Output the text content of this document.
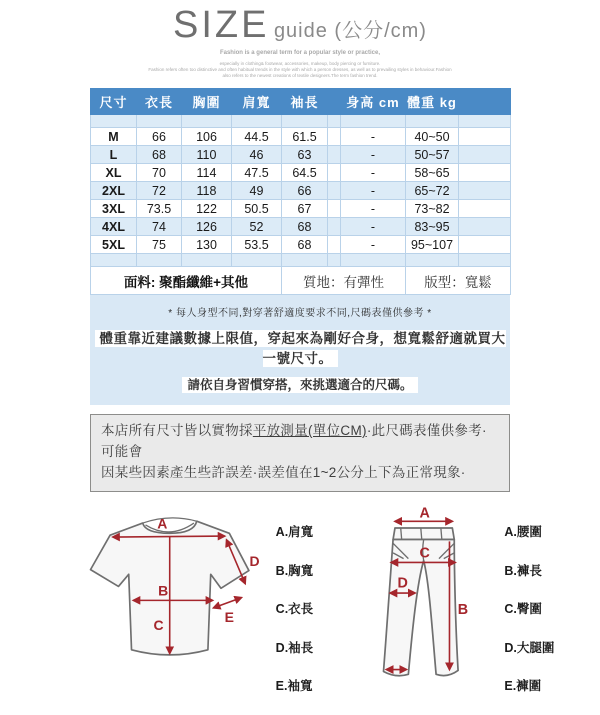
SIZE guide (公分/cm)
Fashion is a general term for a popular style or practice,
especially in clothing& footwear, accessories, makeup, body piercing or furniture.
Fashion refers often too distinctive and often habitual trends in the style with which a person dresses, as well as to prevailing styles in behaviour.Fashion
also refers to the newest creations of textile designers.The term fashion trend.
尺寸	衣長	胸圍	肩寬	袖長		身高 cm	體重 kg	

M	66	106	44.5	61.5		-	40~50	
L	68	110	46	63		-	50~57	
XL	70	114	47.5	64.5		-	58~65	
2XL	72	118	49	66		-	65~72	
3XL	73.5	122	50.5	67		-	73~82	
4XL	74	126	52	68		-	83~95	
5XL	75	130	53.5	68		-	95~107	

面料: 聚酯纖維+其他				質地：有彈性			版型：寬鬆	
* 每人身型不同,對穿著舒適度要求不同,尺碼表僅供參考 *
體重靠近建議數據上限值，穿起來為剛好合身，想寬鬆舒適就買大一號尺寸。
請依自身習慣穿搭，來挑選適合的尺碼。
本店所有尺寸皆以實物採平放測量(單位CM)·此尺碼表僅供參考·可能會
因某些因素產生些許誤差·誤差值在1~2公分上下為正常現象·
A
B
C
D
E
A.肩寬
B.胸寬
C.衣長
D.袖長
E.袖寬
A
C
D
B
A.腰圍
B.褲長
C.臀圍
D.大腿圍
E.褲圍
